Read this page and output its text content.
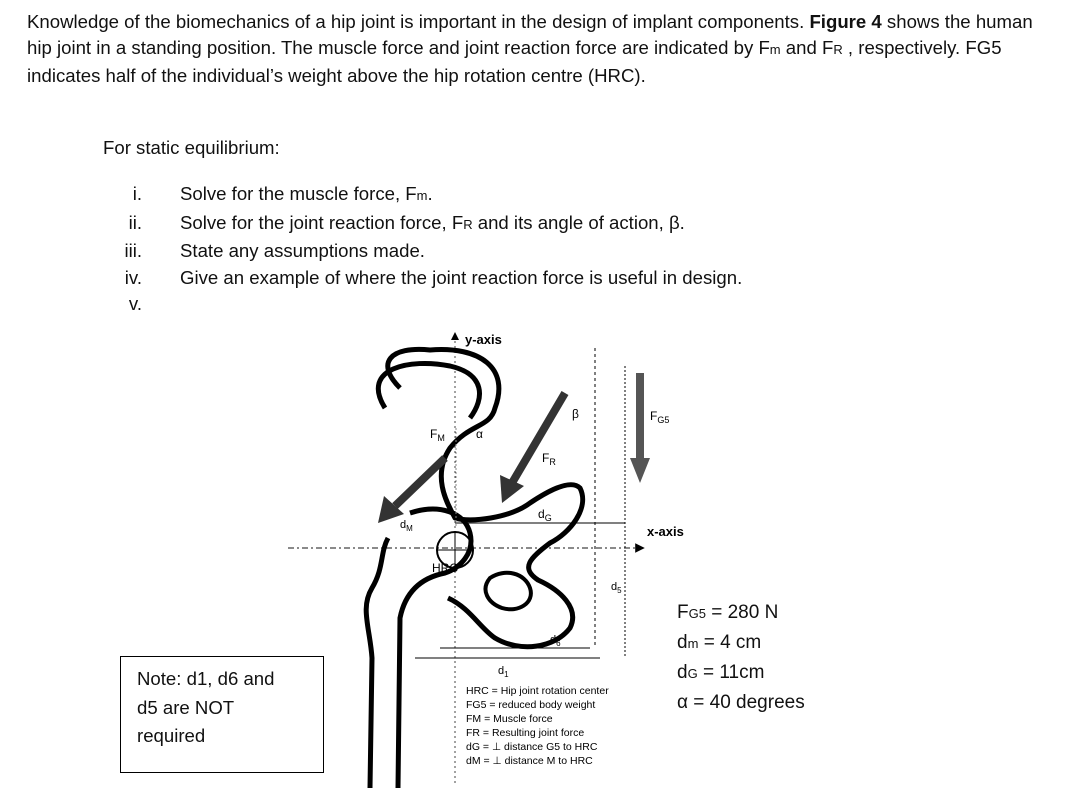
Knowledge of the biomechanics of a hip joint is important in the design of implant components. Figure 4 shows the human hip joint in a standing position. The muscle force and joint reaction force are indicated by Fm and FR , respectively. FG5 indicates half of the individual’s weight above the hip rotation centre (HRC).
For static equilibrium:
i.	Solve for the muscle force, Fm.
ii.	Solve for the joint reaction force, FR and its angle of action, β.
iii.	State any assumptions made.
iv.	Give an example of where the joint reaction force is useful in design.
v.
Note: d1, d6 and
d5 are NOT
required
FG5 = 280 N
dm = 4 cm
dG = 11cm
α = 40 degrees
y-axis
x-axis
HRC
$F_M$	α
$F_R$
β	$F_{G5}$
$d_G$
$d_M$
$d_5$
$d_6$
$d_1$
HRC = Hip joint rotation center
FG5 = reduced body weight
FM = Muscle force
FR = Resulting joint force
dG = ⊥ distance G5 to HRC
dM = ⊥ distance M to HRC
